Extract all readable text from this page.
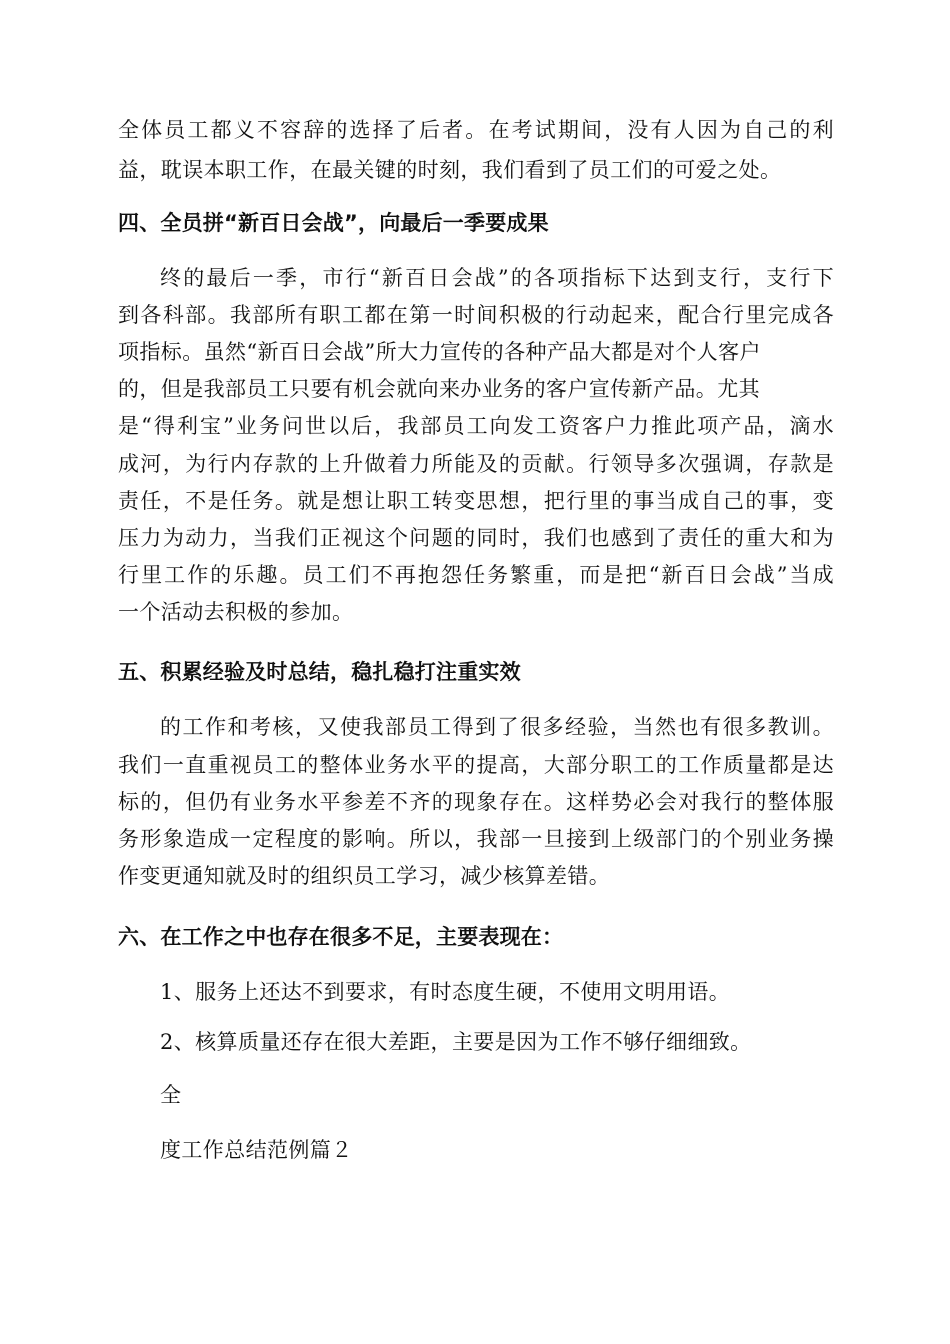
全体员工都义不容辞的选择了后者。在考试期间，没有人因为自己的利
益，耽误本职工作，在最关键的时刻，我们看到了员工们的可爱之处。
四、全员拼“新百日会战”，向最后一季要成果
终的最后一季，市行“新百日会战”的各项指标下达到支行，支行下
到各科部。我部所有职工都在第一时间积极的行动起来，配合行里完成各
项指标。虽然“新百日会战”所大力宣传的各种产品大都是对个人客户
的，但是我部员工只要有机会就向来办业务的客户宣传新产品。尤其
是“得利宝”业务问世以后，我部员工向发工资客户力推此项产品，滴水
成河，为行内存款的上升做着力所能及的贡献。行领导多次强调，存款是
责任，不是任务。就是想让职工转变思想，把行里的事当成自己的事，变
压力为动力，当我们正视这个问题的同时，我们也感到了责任的重大和为
行里工作的乐趣。员工们不再抱怨任务繁重，而是把“新百日会战”当成
一个活动去积极的参加。
五、积累经验及时总结，稳扎稳打注重实效
的工作和考核，又使我部员工得到了很多经验，当然也有很多教训。
我们一直重视员工的整体业务水平的提高，大部分职工的工作质量都是达
标的，但仍有业务水平参差不齐的现象存在。这样势必会对我行的整体服
务形象造成一定程度的影响。所以，我部一旦接到上级部门的个别业务操
作变更通知就及时的组织员工学习，减少核算差错。
六、在工作之中也存在很多不足，主要表现在：
1、服务上还达不到要求，有时态度生硬，不使用文明用语。
2、核算质量还存在很大差距，主要是因为工作不够仔细细致。
全
度工作总结范例篇２
